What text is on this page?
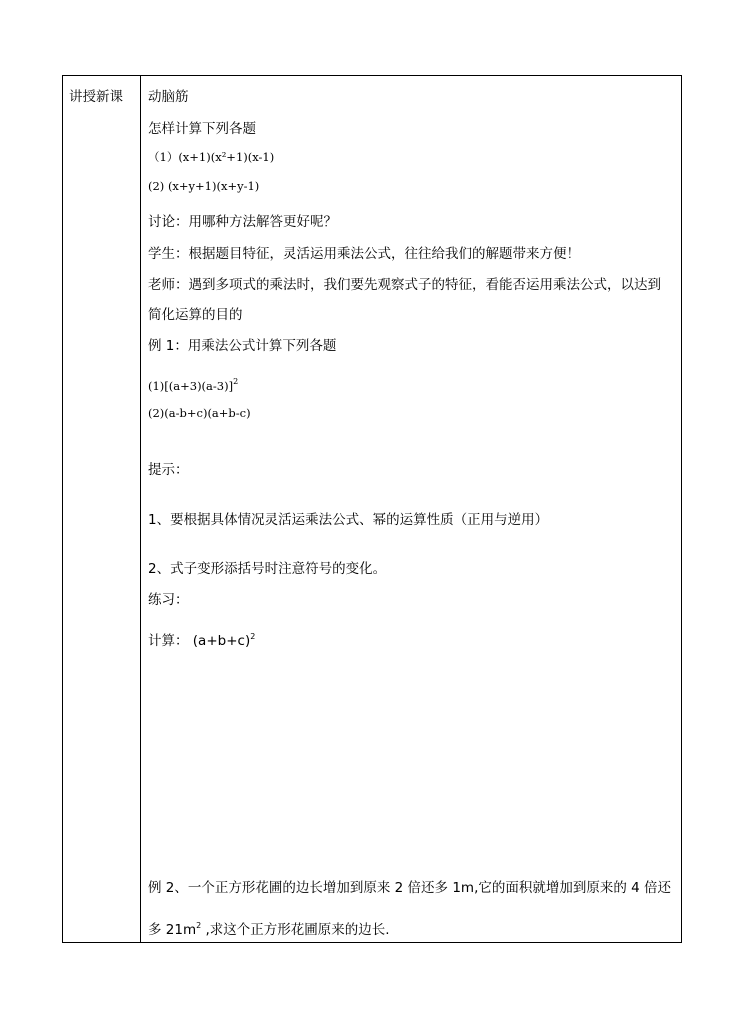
讲授新课 动脑筋
怎样计算下列各题
（1）(x+1)(x²+1)(x-1)
(2) (x+y+1)(x+y-1)
讨论：用哪种方法解答更好呢？
学生：根据题目特征，灵活运用乘法公式，往往给我们的解题带来方便！
老师：遇到多项式的乘法时，我们要先观察式子的特征，看能否运用乘法公式，以达到
简化运算的目的
例 1：用乘法公式计算下列各题
$(1)[(a+3)(a-3)]^2$
(2)(a-b+c)(a+b-c)
提示：
1、要根据具体情况灵活运乘法公式、幂的运算性质（正用与逆用）
2、式子变形添括号时注意符号的变化。
练习：
计算： $(a+b+c)^2$
例 2、一个正方形花圃的边长增加到原来 2 倍还多 1m,它的面积就增加到原来的 4 倍还
多 $21m^2$ ,求这个正方形花圃原来的边长.
